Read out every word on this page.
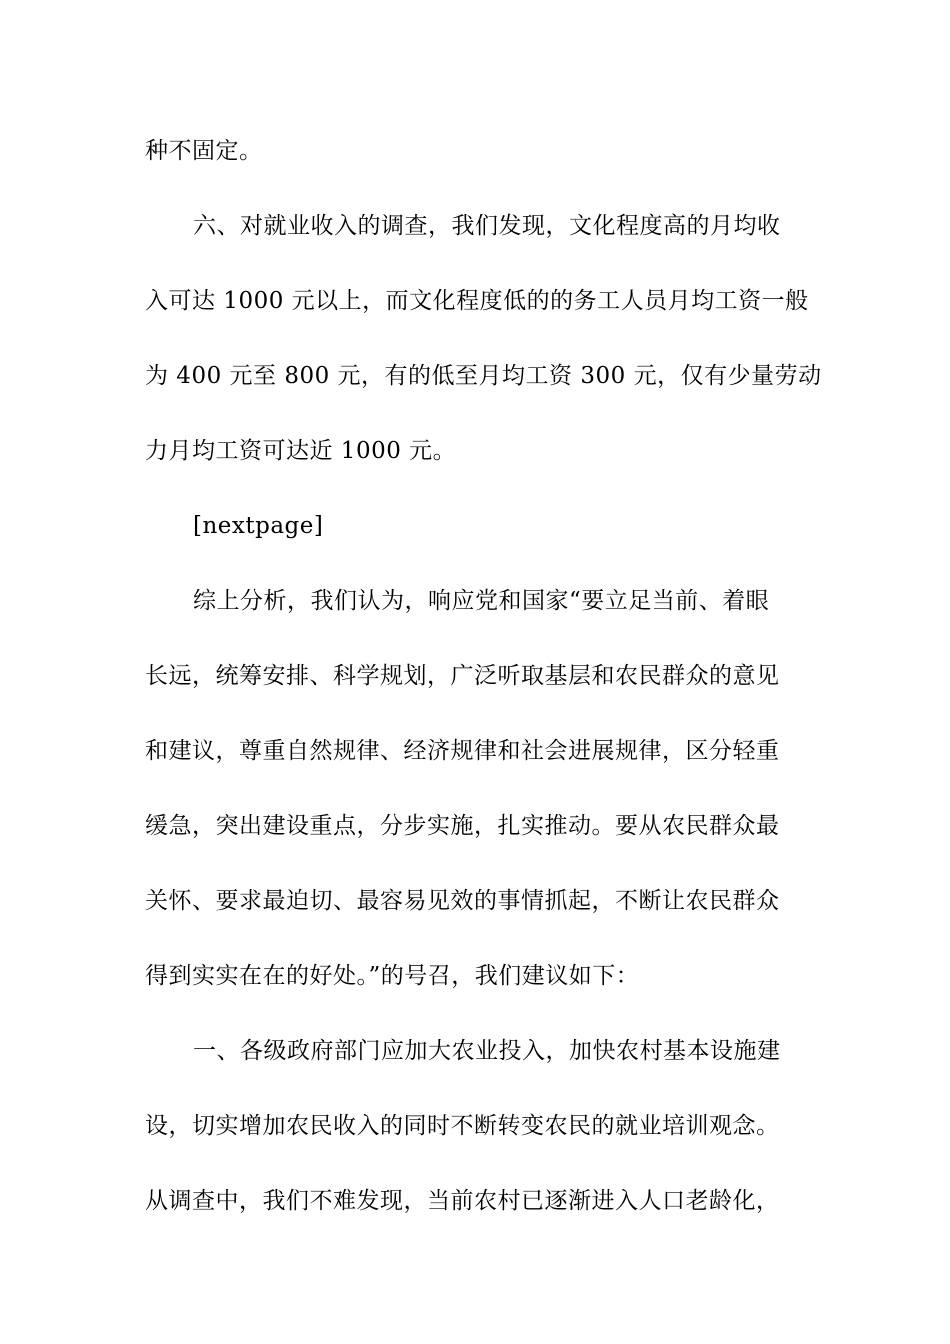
种不固定。
六、对就业收入的调查，我们发现，文化程度高的月均收
入可达 1000 元以上，而文化程度低的的务工人员月均工资一般
为 400 元至 800 元，有的低至月均工资 300 元，仅有少量劳动
力月均工资可达近 1000 元。
[nextpage]
综上分析，我们认为，响应党和国家“要立足当前、着眼
长远，统筹安排、科学规划，广泛听取基层和农民群众的意见
和建议，尊重自然规律、经济规律和社会进展规律，区分轻重
缓急，突出建设重点，分步实施，扎实推动。要从农民群众最
关怀、要求最迫切、最容易见效的事情抓起，不断让农民群众
得到实实在在的好处。”的号召，我们建议如下：
一、各级政府部门应加大农业投入，加快农村基本设施建
设，切实增加农民收入的同时不断转变农民的就业培训观念。
从调查中，我们不难发现，当前农村已逐渐进入人口老龄化，
